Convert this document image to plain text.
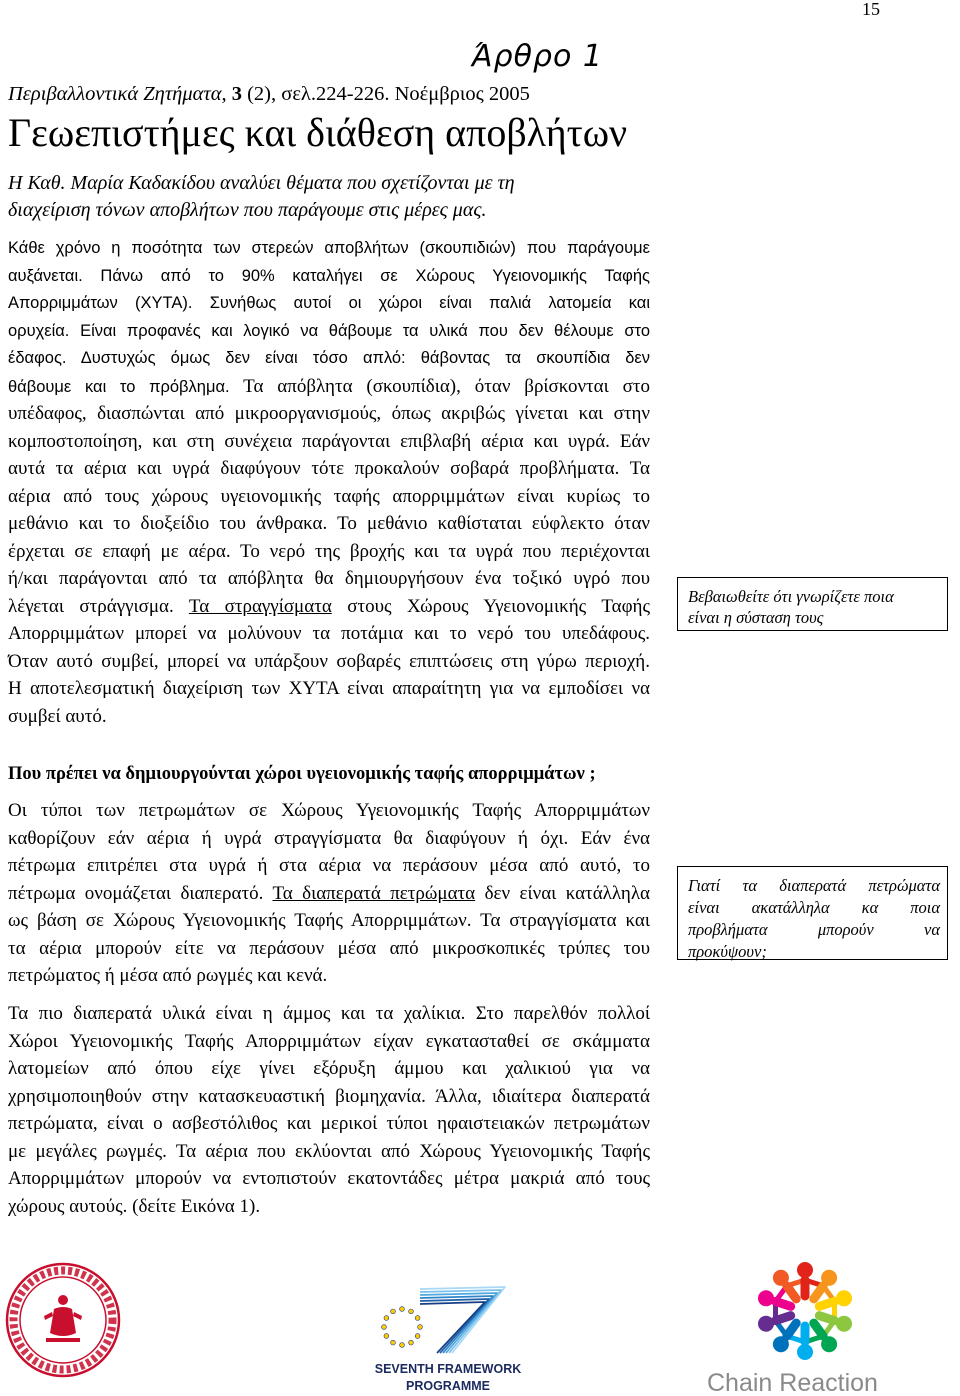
15
Άρθρο 1
Περιβαλλοντικά Ζητήματα, 3 (2), σελ.224-226. Νοέμβριος 2005
Γεωεπιστήμες και διάθεση αποβλήτων
Η Καθ. Μαρία Καδακίδου αναλύει θέματα που σχετίζονται με τη
διαχείριση τόνων αποβλήτων που παράγουμε στις μέρες μας.
Κάθε χρόνο η ποσότητα των στερεών αποβλήτων (σκουπιδιών) που παράγουμε
αυξάνεται. Πάνω από το 90% καταλήγει σε Χώρους Υγειονομικής Ταφής
Απορριμμάτων (ΧΥΤΑ). Συνήθως αυτοί οι χώροι είναι παλιά λατομεία και
ορυχεία. Είναι προφανές και λογικό να θάβουμε τα υλικά που δεν θέλουμε στο
έδαφος. Δυστυχώς όμως δεν είναι τόσο απλό: θάβοντας τα σκουπίδια δεν
θάβουμε και το πρόβλημα. Τα απόβλητα (σκουπίδια), όταν βρίσκονται στο
υπέδαφος, διασπώνται από μικροοργανισμούς, όπως ακριβώς γίνεται και στην
κομποστοποίηση, και στη συνέχεια παράγονται επιβλαβή αέρια και υγρά. Εάν
αυτά τα αέρια και υγρά διαφύγουν τότε προκαλούν σοβαρά προβλήματα. Τα
αέρια από τους χώρους υγειονομικής ταφής απορριμμάτων είναι κυρίως το
μεθάνιο και το διοξείδιο του άνθρακα. Το μεθάνιο καθίσταται εύφλεκτο όταν
έρχεται σε επαφή με αέρα. Το νερό της βροχής και τα υγρά που περιέχονται
ή/και παράγονται από τα απόβλητα θα δημιουργήσουν ένα τοξικό υγρό που
λέγεται στράγγισμα. Τα στραγγίσματα στους Χώρους Υγειονομικής Ταφής
Απορριμμάτων μπορεί να μολύνουν τα ποτάμια και το νερό του υπεδάφους.
Όταν αυτό συμβεί, μπορεί να υπάρξουν σοβαρές επιπτώσεις στη γύρω περιοχή.
Η αποτελεσματική διαχείριση των ΧΥΤΑ είναι απαραίτητη για να εμποδίσει να
συμβεί αυτό.
Βεβαιωθείτε ότι γνωρίζετε ποια
είναι η σύσταση τους
Που πρέπει να δημιουργούνται χώροι υγειονομικής ταφής απορριμμάτων ;
Οι τύποι των πετρωμάτων σε Χώρους Υγειονομικής Ταφής Απορριμμάτων
καθορίζουν εάν αέρια ή υγρά στραγγίσματα θα διαφύγουν ή όχι. Εάν ένα
πέτρωμα επιτρέπει στα υγρά ή στα αέρια να περάσουν μέσα από αυτό, το
πέτρωμα ονομάζεται διαπερατό. Τα διαπερατά πετρώματα δεν είναι κατάλληλα
ως βάση σε Χώρους Υγειονομικής Ταφής Απορριμμάτων. Τα στραγγίσματα και
τα αέρια μπορούν είτε να περάσουν μέσα από μικροσκοπικές τρύπες του
πετρώματος ή μέσα από ρωγμές και κενά.
Γιατί τα διαπερατά πετρώματα
είναι ακατάλληλα κα ποια
προβλήματα μπορούν να
προκύψουν;
Τα πιο διαπερατά υλικά είναι η άμμος και τα χαλίκια. Στο παρελθόν πολλοί
Χώροι Υγειονομικής Ταφής Απορριμμάτων είχαν εγκατασταθεί σε σκάμματα
λατομείων από όπου είχε γίνει εξόρυξη άμμου και χαλικιού για να
χρησιμοποιηθούν στην κατασκευαστική βιομηχανία. Άλλα, ιδιαίτερα διαπερατά
πετρώματα, είναι ο ασβεστόλιθος και μερικοί τύποι ηφαιστειακών πετρωμάτων
με μεγάλες ρωγμές. Τα αέρια που εκλύονται από Χώρους Υγειονομικής Ταφής
Απορριμμάτων μπορούν να εντοπιστούν εκατοντάδες μέτρα μακριά από τους
χώρους αυτούς. (δείτε Εικόνα 1).
SEVENTH FRAMEWORK
PROGRAMME	Chain Reaction
